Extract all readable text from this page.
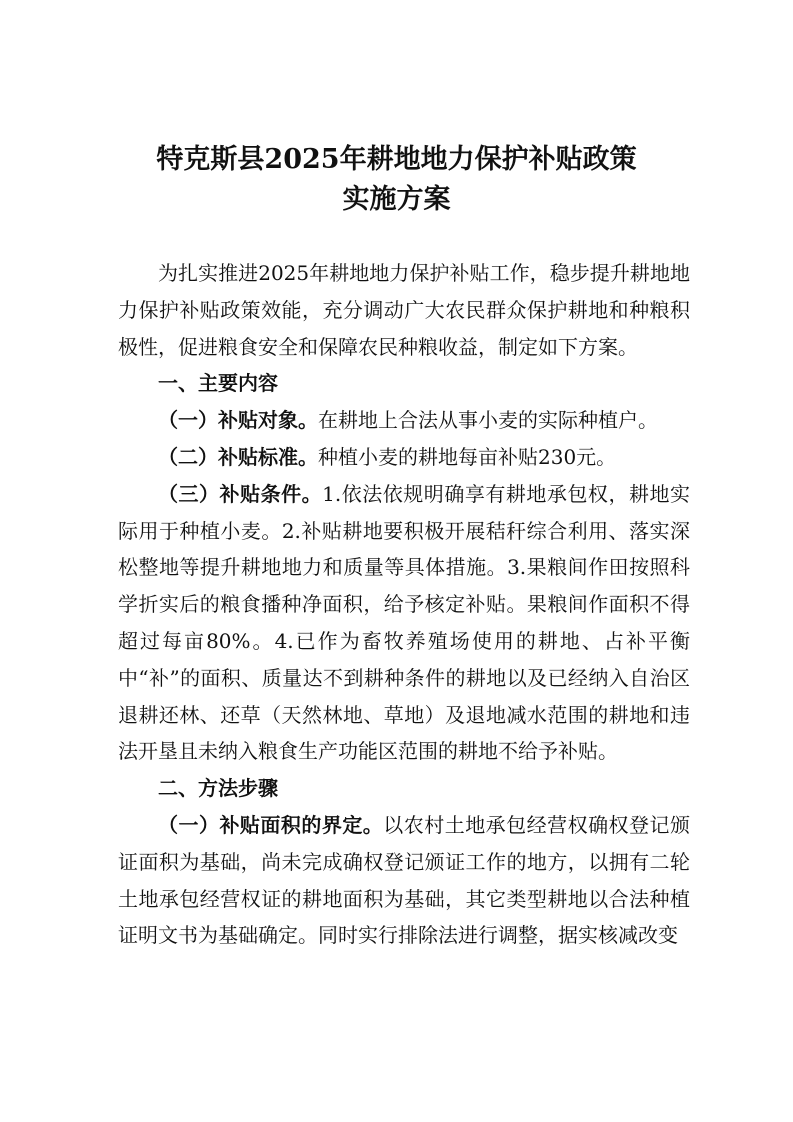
特克斯县2025年耕地地力保护补贴政策
实施方案

为扎实推进2025年耕地地力保护补贴工作，稳步提升耕地地力保护补贴政策效能，充分调动广大农民群众保护耕地和种粮积极性，促进粮食安全和保障农民种粮收益，制定如下方案。

一、主要内容

（一）补贴对象。在耕地上合法从事小麦的实际种植户。

（二）补贴标准。种植小麦的耕地每亩补贴230元。

（三）补贴条件。1.依法依规明确享有耕地承包权，耕地实际用于种植小麦。2.补贴耕地要积极开展秸秆综合利用、落实深松整地等提升耕地地力和质量等具体措施。3.果粮间作田按照科学折实后的粮食播种净面积，给予核定补贴。果粮间作面积不得超过每亩80%。4.已作为畜牧养殖场使用的耕地、占补平衡中“补”的面积、质量达不到耕种条件的耕地以及已经纳入自治区退耕还林、还草（天然林地、草地）及退地减水范围的耕地和违法开垦且未纳入粮食生产功能区范围的耕地不给予补贴。

二、方法步骤

（一）补贴面积的界定。以农村土地承包经营权确权登记颁证面积为基础，尚未完成确权登记颁证工作的地方，以拥有二轮土地承包经营权证的耕地面积为基础，其它类型耕地以合法种植证明文书为基础确定。同时实行排除法进行调整，据实核减改变
